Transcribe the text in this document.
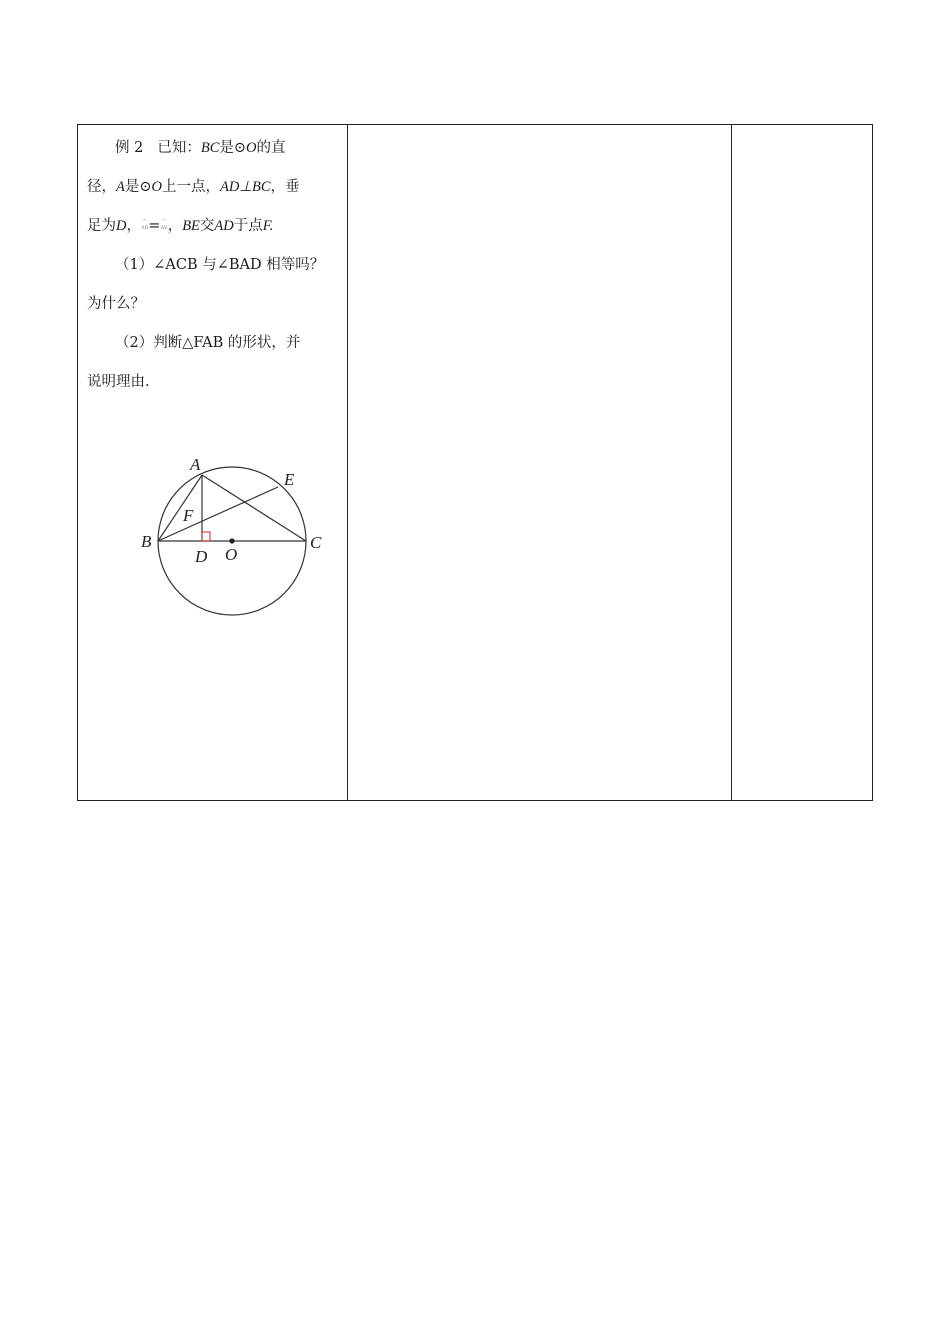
例 2 已知：BC是⊙O的直

径，A是⊙O上一点，AD⊥BC，垂

足为D，⌒
AB=⌒
AE，BE交AD于点F.

（1）∠ACB 与∠BAD 相等吗？

为什么？

（2）判断△FAB 的形状，并

说明理由.

A
B	C
D
E
F
O
